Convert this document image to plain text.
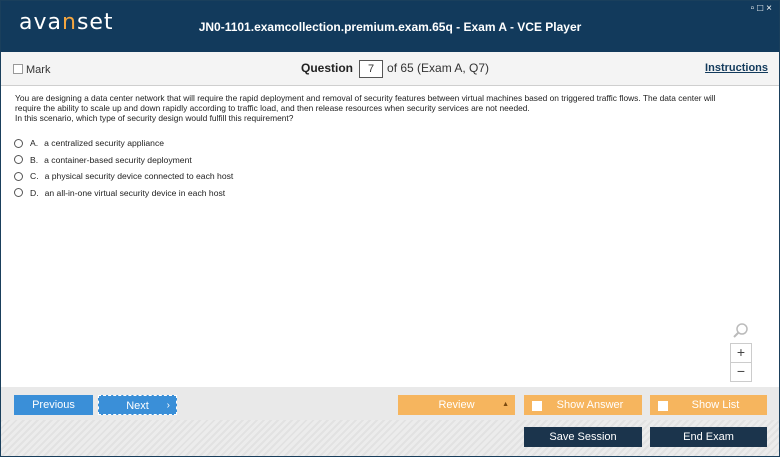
avanset	JN0-1101.examcollection.premium.exam.65q - Exam A - VCE Player
▫□×
Mark	Question 7 of 65 (Exam A, Q7)	Instructions

You are designing a data center network that will require the rapid deployment and removal of security features between virtual machines based on triggered traffic flows. The data center will

require the ability to scale up and down rapidly according to traffic load, and then release resources when security services are not needed.

In this scenario, which type of security design would fulfill this requirement?

A. a centralized security appliance
B. a container-based security deployment
C. a physical security device connected to each host
D. an all-in-one virtual security device in each host
+
−
Previous	Next ›	Review	▲	Show Answer	Show List
Save Session	End Exam
